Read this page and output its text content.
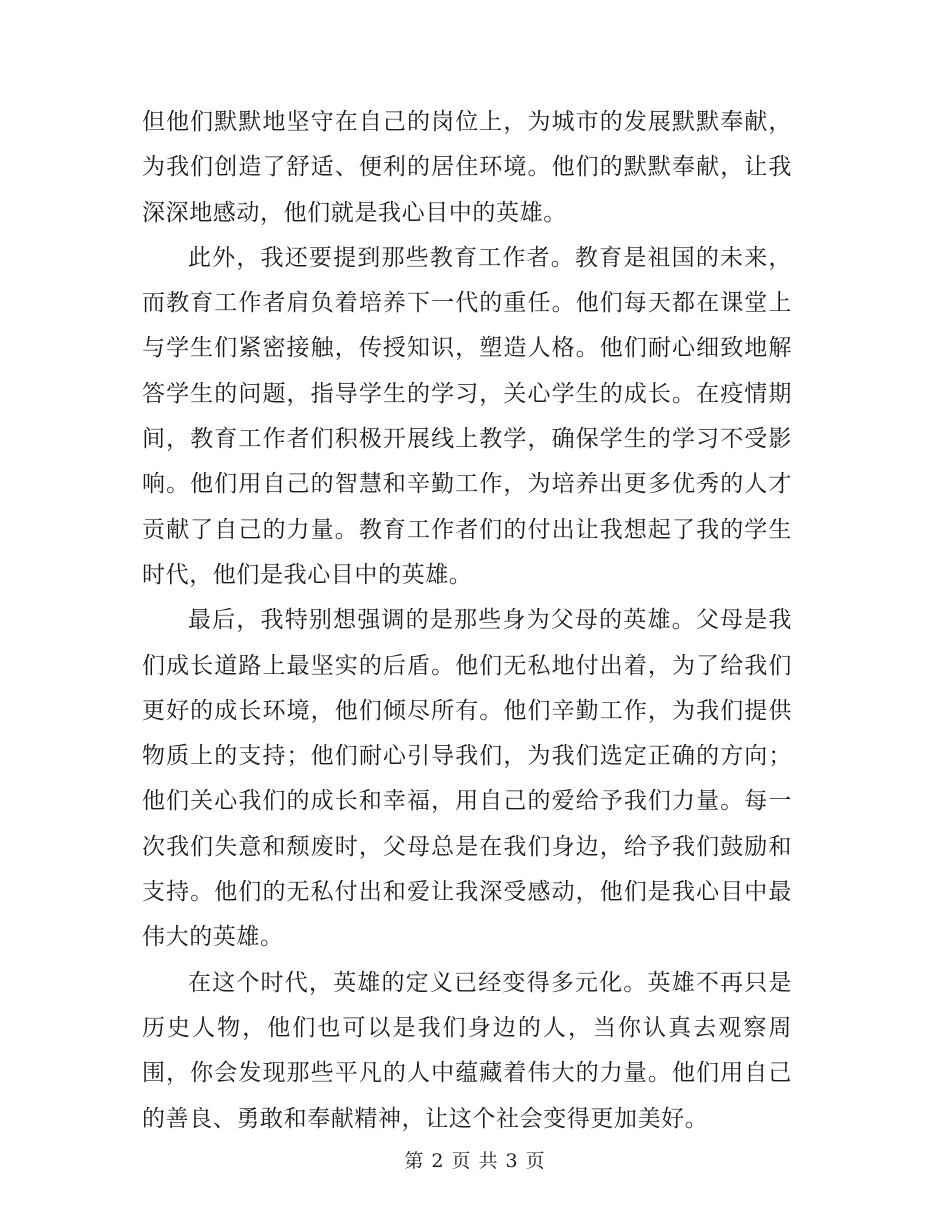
但他们默默地坚守在自己的岗位上，为城市的发展默默奉献，为我们创造了舒适、便利的居住环境。他们的默默奉献，让我深深地感动，他们就是我心目中的英雄。

此外，我还要提到那些教育工作者。教育是祖国的未来，而教育工作者肩负着培养下一代的重任。他们每天都在课堂上与学生们紧密接触，传授知识，塑造人格。他们耐心细致地解答学生的问题，指导学生的学习，关心学生的成长。在疫情期间，教育工作者们积极开展线上教学，确保学生的学习不受影响。他们用自己的智慧和辛勤工作，为培养出更多优秀的人才贡献了自己的力量。教育工作者们的付出让我想起了我的学生时代，他们是我心目中的英雄。

最后，我特别想强调的是那些身为父母的英雄。父母是我们成长道路上最坚实的后盾。他们无私地付出着，为了给我们更好的成长环境，他们倾尽所有。他们辛勤工作，为我们提供物质上的支持；他们耐心引导我们，为我们选定正确的方向；他们关心我们的成长和幸福，用自己的爱给予我们力量。每一次我们失意和颓废时，父母总是在我们身边，给予我们鼓励和支持。他们的无私付出和爱让我深受感动，他们是我心目中最伟大的英雄。

在这个时代，英雄的定义已经变得多元化。英雄不再只是历史人物，他们也可以是我们身边的人，当你认真去观察周围，你会发现那些平凡的人中蕴藏着伟大的力量。他们用自己的善良、勇敢和奉献精神，让这个社会变得更加美好。

第 2 页 共 3 页
